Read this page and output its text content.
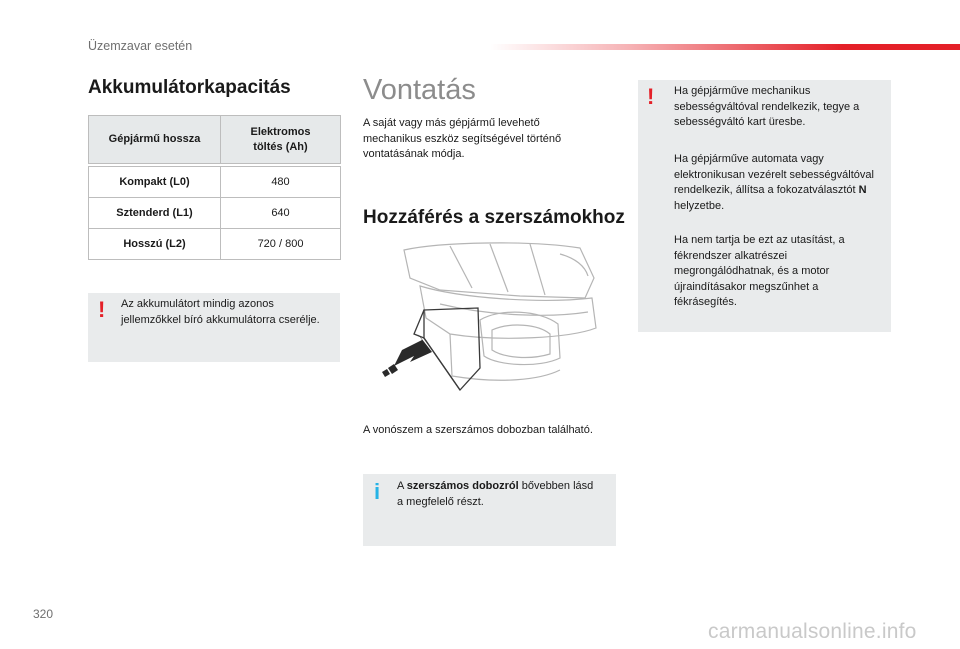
Üzemzavar esetén
Akkumulátorkapacitás
Gépjármű hossza	Elektromos töltés (Ah)

Kompakt (L0)	480
Sztenderd (L1)	640
Hosszú (L2)	720 / 800
! Az akkumulátort mindig azonos jellemzőkkel bíró akkumulátorra cserélje.

Vontatás

A saját vagy más gépjármű levehető mechanikus eszköz segítségével történő vontatásának módja.

Hozzáférés a szerszámokhoz

A vonószem a szerszámos dobozban található.

i A szerszámos dobozról bővebben lásd a megfelelő részt.

! Ha gépjárműve mechanikus sebességváltóval rendelkezik, tegye a sebességváltó kart üresbe.

Ha gépjárműve automata vagy elektronikusan vezérelt sebességváltóval rendelkezik, állítsa a fokozatválasztót N helyzetbe.

Ha nem tartja be ezt az utasítást, a fékrendszer alkatrészei megrongálódhatnak, és a motor újraindításakor megszűnhet a fékrásegítés.

320
carmanualsonline.info
